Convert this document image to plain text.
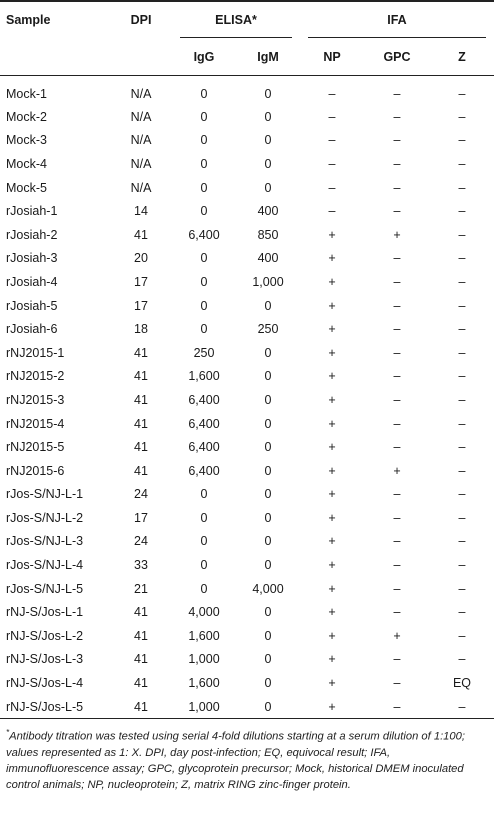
Sample	DPI	ELISA*		IFA		

		IgG	IgM	NP	GPC	Z
Mock-1	N/A	0	0	–	–	–
Mock-2	N/A	0	0	–	–	–
Mock-3	N/A	0	0	–	–	–
Mock-4	N/A	0	0	–	–	–
Mock-5	N/A	0	0	–	–	–
rJosiah-1	14	0	400	–	–	–
rJosiah-2	41	6,400	850	+	+	–
rJosiah-3	20	0	400	+	–	–
rJosiah-4	17	0	1,000	+	–	–
rJosiah-5	17	0	0	+	–	–
rJosiah-6	18	0	250	+	–	–
rNJ2015-1	41	250	0	+	–	–
rNJ2015-2	41	1,600	0	+	–	–
rNJ2015-3	41	6,400	0	+	–	–
rNJ2015-4	41	6,400	0	+	–	–
rNJ2015-5	41	6,400	0	+	–	–
rNJ2015-6	41	6,400	0	+	+	–
rJos-S/NJ-L-1	24	0	0	+	–	–
rJos-S/NJ-L-2	17	0	0	+	–	–
rJos-S/NJ-L-3	24	0	0	+	–	–
rJos-S/NJ-L-4	33	0	0	+	–	–
rJos-S/NJ-L-5	21	0	4,000	+	–	–
rNJ-S/Jos-L-1	41	4,000	0	+	–	–
rNJ-S/Jos-L-2	41	1,600	0	+	+	–
rNJ-S/Jos-L-3	41	1,000	0	+	–	–
rNJ-S/Jos-L-4	41	1,600	0	+	–	EQ
rNJ-S/Jos-L-5	41	1,000	0	+	–	–
*Antibody titration was tested using serial 4-fold dilutions starting at a serum dilution of 1:100; values represented as 1: X. DPI, day post-infection; EQ, equivocal result; IFA, immunofluorescence assay; GPC, glycoprotein precursor; Mock, historical DMEM inoculated control animals; NP, nucleoprotein; Z, matrix RING zinc-finger protein.
